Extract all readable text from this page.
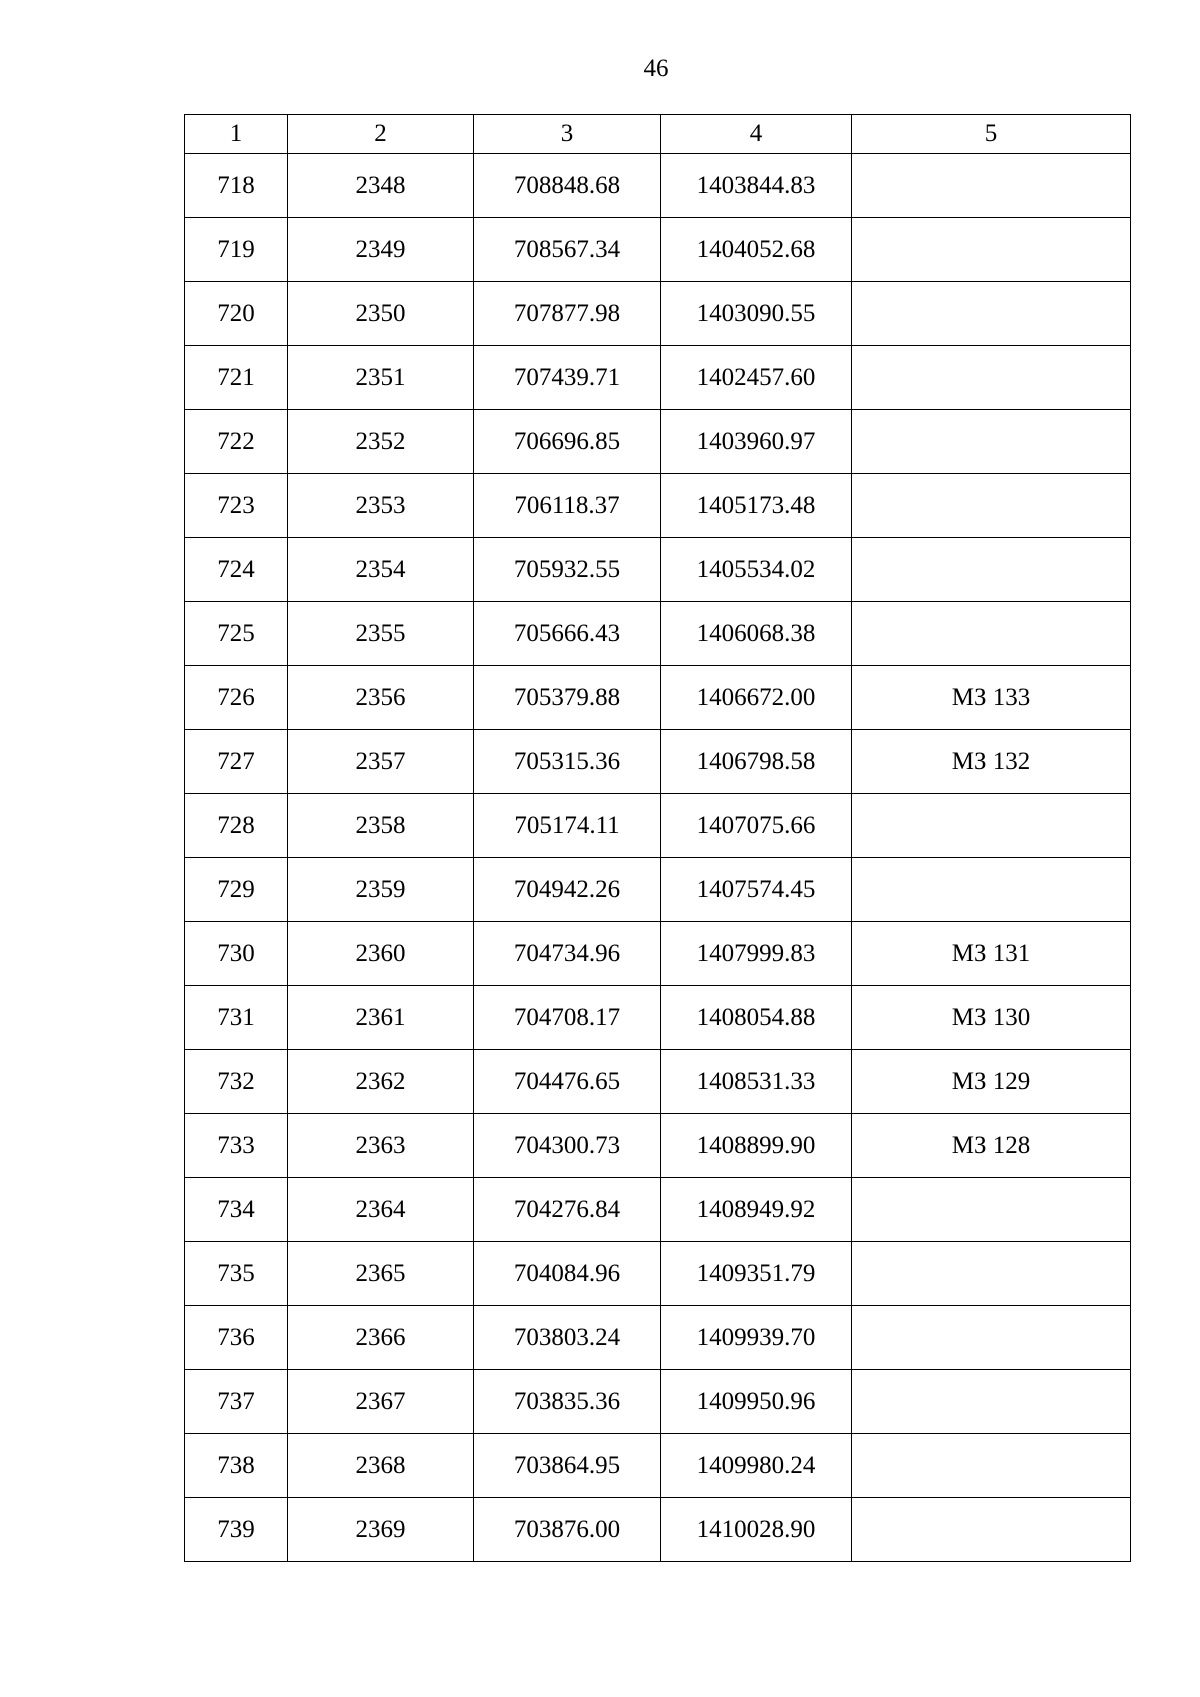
46
1	2	3	4	5
718	2348	708848.68	1403844.83	
719	2349	708567.34	1404052.68	
720	2350	707877.98	1403090.55	
721	2351	707439.71	1402457.60	
722	2352	706696.85	1403960.97	
723	2353	706118.37	1405173.48	
724	2354	705932.55	1405534.02	
725	2355	705666.43	1406068.38	
726	2356	705379.88	1406672.00	МЗ 133
727	2357	705315.36	1406798.58	МЗ 132
728	2358	705174.11	1407075.66	
729	2359	704942.26	1407574.45	
730	2360	704734.96	1407999.83	МЗ 131
731	2361	704708.17	1408054.88	МЗ 130
732	2362	704476.65	1408531.33	МЗ 129
733	2363	704300.73	1408899.90	МЗ 128
734	2364	704276.84	1408949.92	
735	2365	704084.96	1409351.79	
736	2366	703803.24	1409939.70	
737	2367	703835.36	1409950.96	
738	2368	703864.95	1409980.24	
739	2369	703876.00	1410028.90	
